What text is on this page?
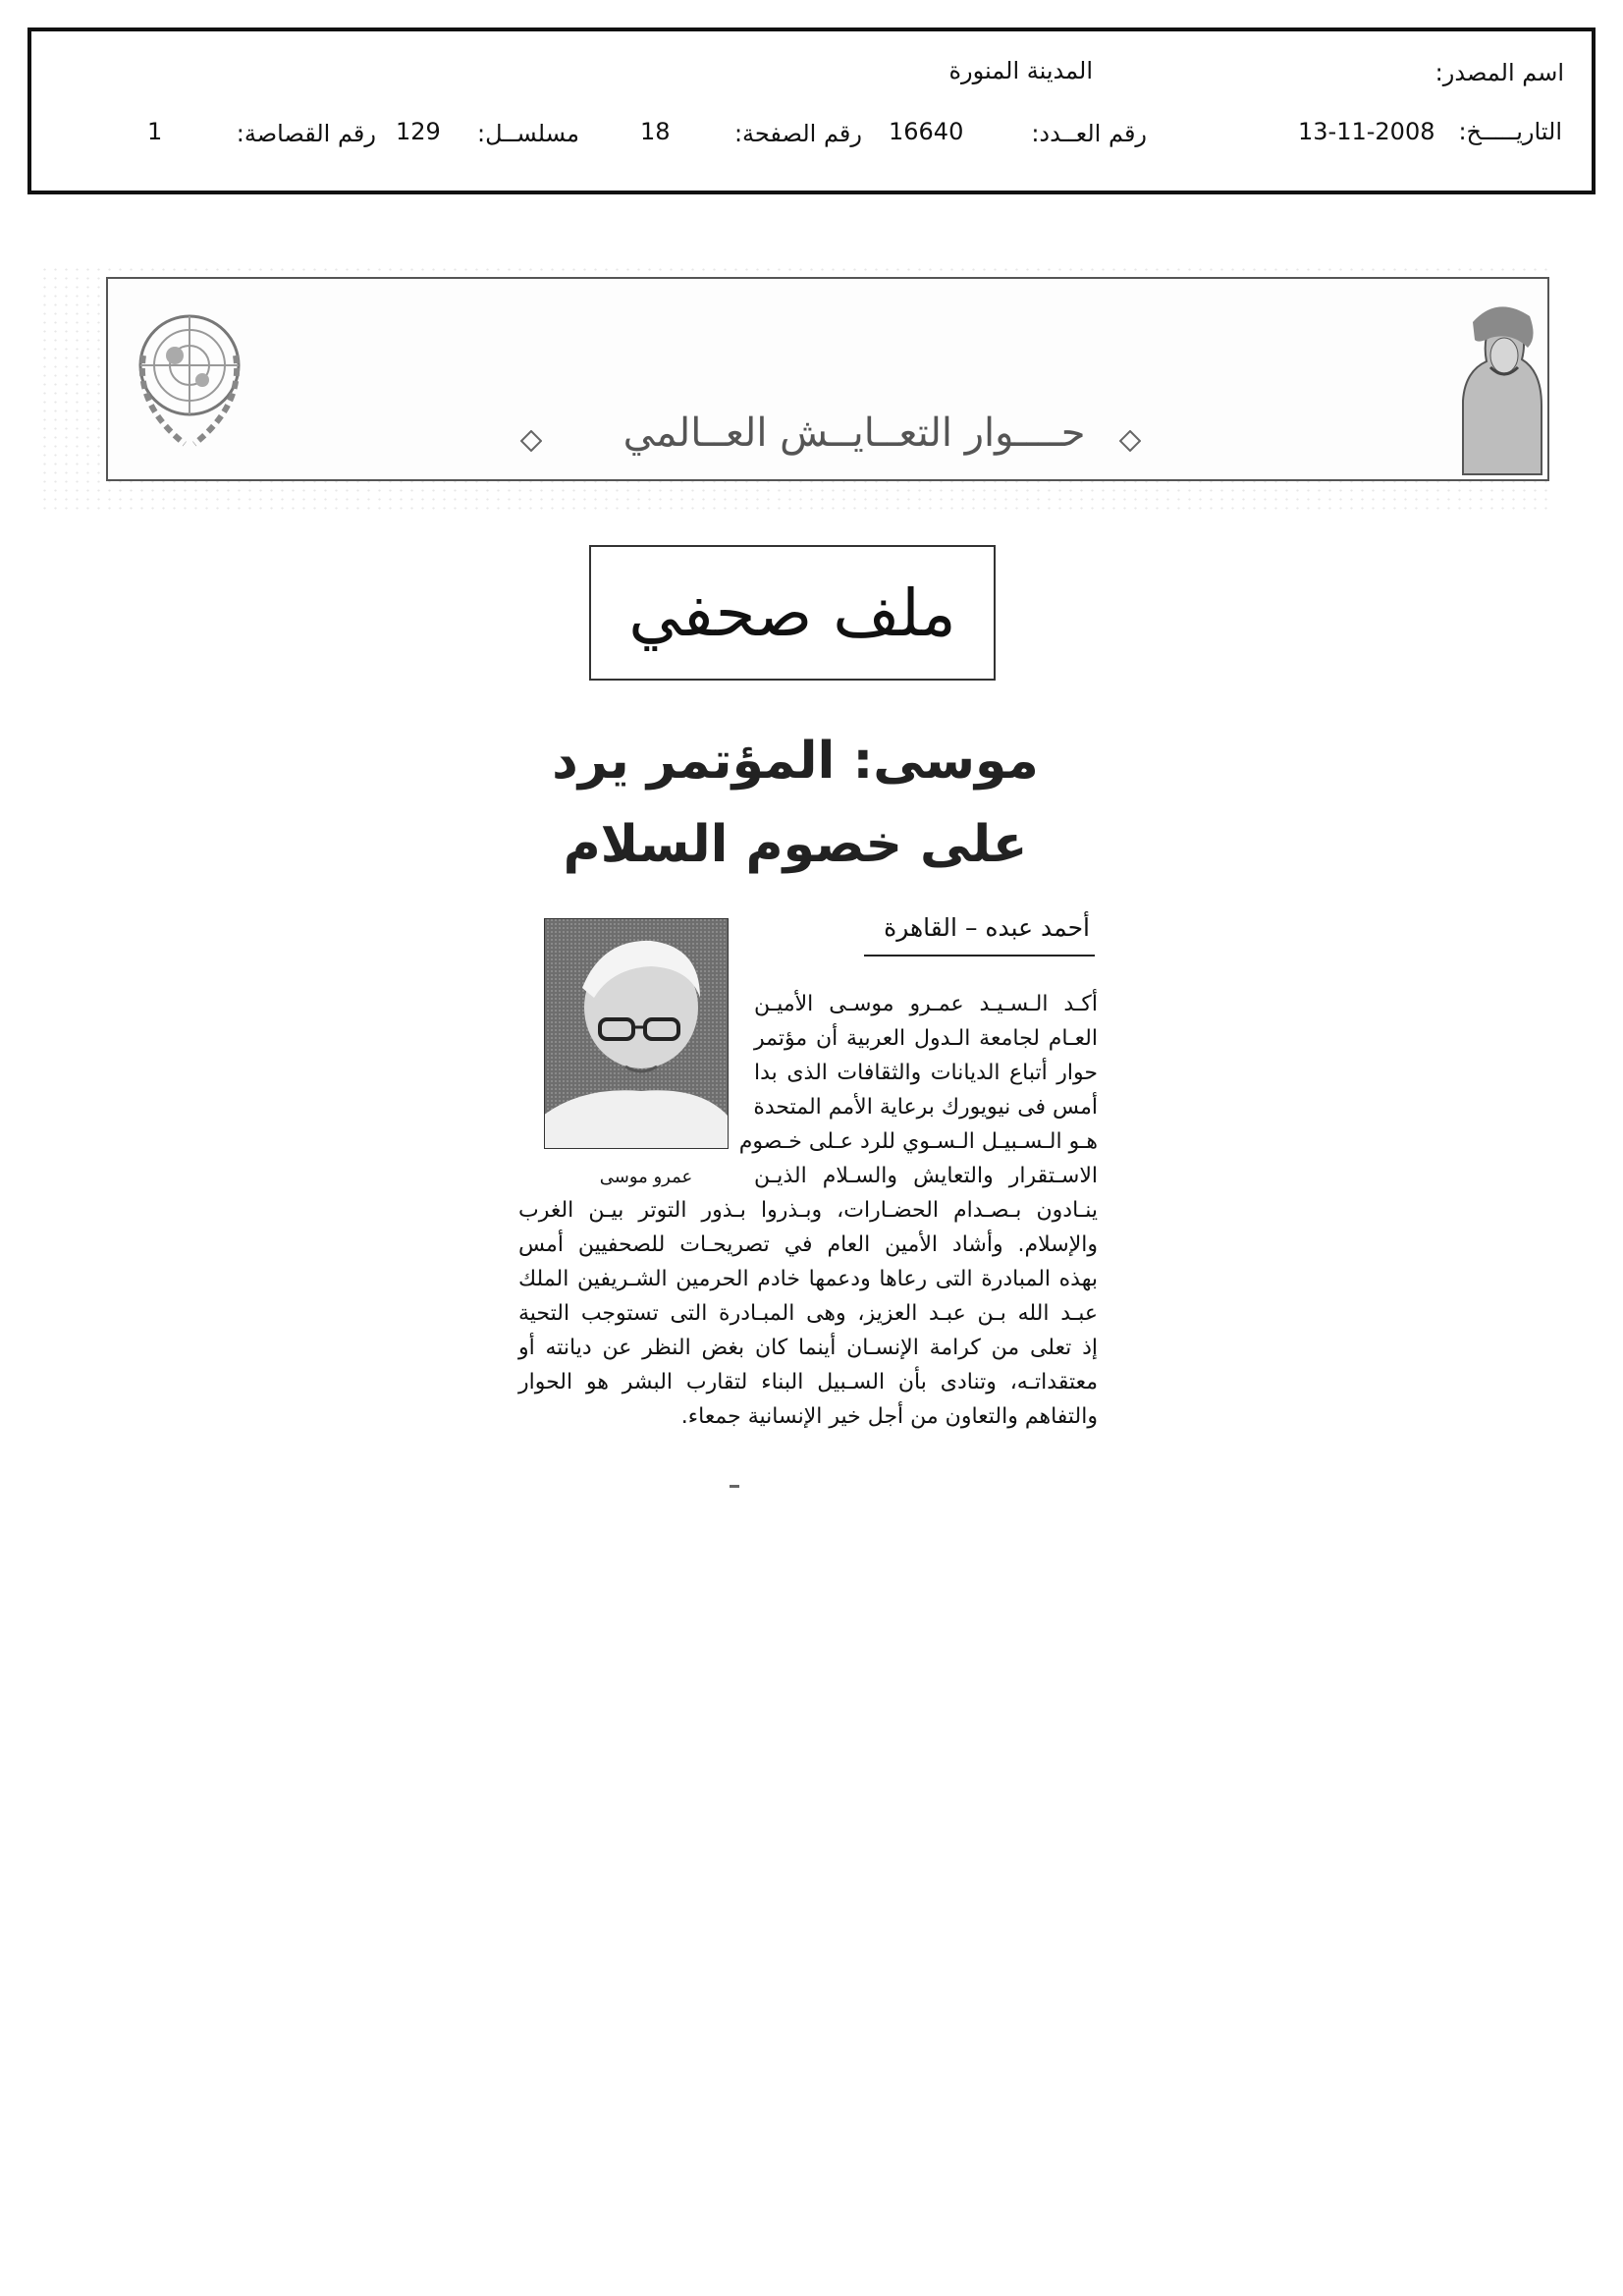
اسم المصدر:
المدينة المنورة
التاريـــــخ:
13-11-2008
رقم العــدد:
16640
رقم الصفحة:
18
مسلســل:
129
رقم القصاصة:
1
حــــوار التعــايــش العــالمي
ملف صحفي
موسى: المؤتمر يرد
على خصوم السلام
أحمد عبده – القاهرة
عمرو موسى
أكـد الـسـيـد عمـرو موسـى الأميـن
العـام لجامعة الـدول العربية أن مؤتمر
حوار أتباع الديانات والثقافات الذى بدا
أمس فى نيويورك برعاية الأمم المتحدة
هـو الـسـبيـل الـسـوي للرد عـلى خـصوم
الاسـتقرار والتعايش والسـلام الذيـن
ينـادون بـصـدام الحضـارات، وبـذروا بـذور التوتر بيـن الغرب
والإسلام. وأشاد الأمين العام في تصريحـات للصحفيين أمس
بهذه المبادرة التى رعاها ودعمها خادم الحرمين الشـريفين الملك
عبـد الله بـن عبـد العزيز، وهى المبـادرة التى تستوجب التحية
إذ تعلى من كرامة الإنسـان أينما كان بغض النظر عن ديانته أو
معتقداتـه، وتنادى بأن السـبيل البناء لتقارب البشر هو الحوار
والتفاهم والتعاون من أجل خير الإنسانية جمعاء.
